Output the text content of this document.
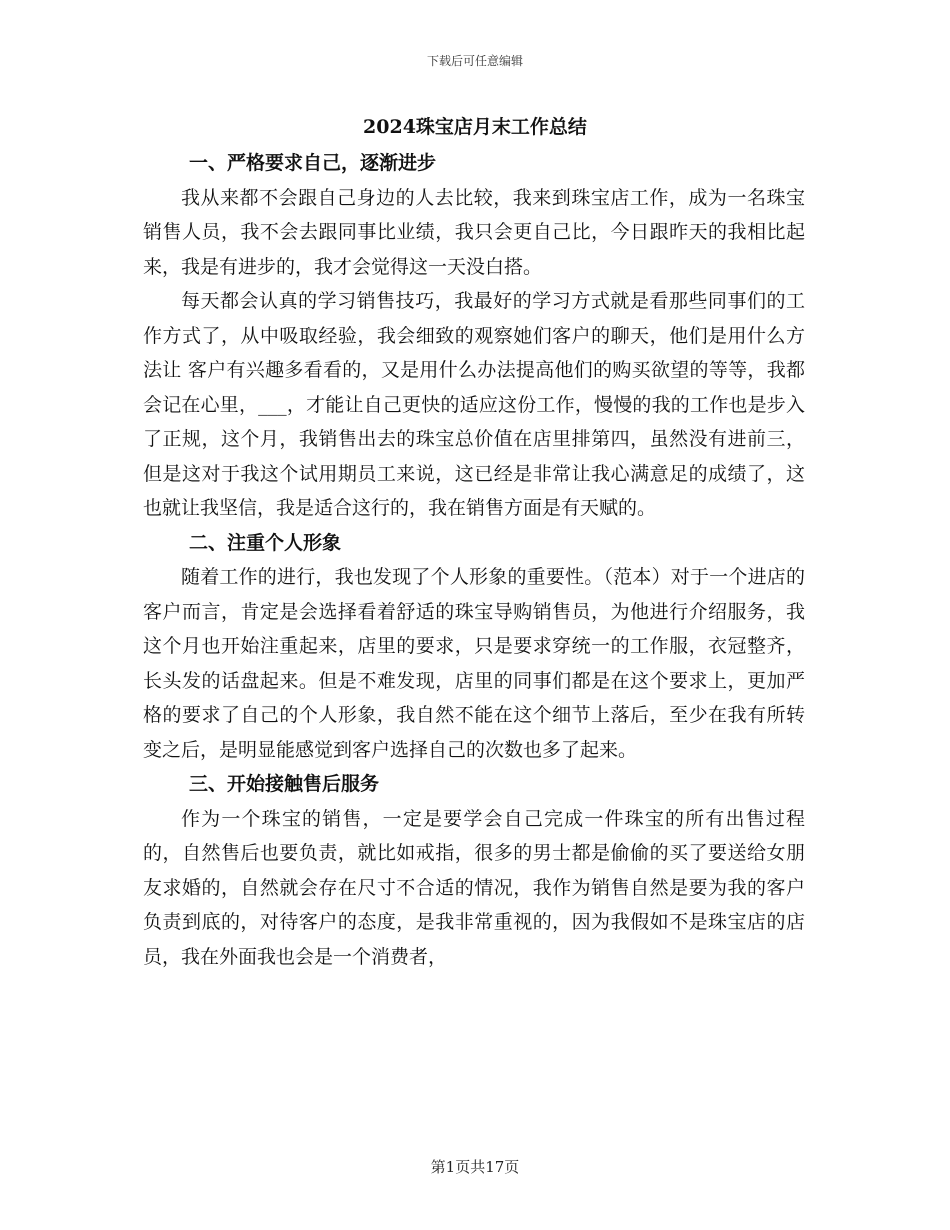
下载后可任意编辑
2024珠宝店月末工作总结

一、严格要求自己，逐渐进步

我从来都不会跟自己身边的人去比较，我来到珠宝店工作，成为一名珠宝销售人员，我不会去跟同事比业绩，我只会更自己比，今日跟昨天的我相比起来，我是有进步的，我才会觉得这一天没白搭。

每天都会认真的学习销售技巧，我最好的学习方式就是看那些同事们的工作方式了，从中吸取经验，我会细致的观察她们客户的聊天，他们是用什么方法让 客户有兴趣多看看的，又是用什么办法提高他们的购买欲望的等等，我都会记在心里，___，才能让自己更快的适应这份工作，慢慢的我的工作也是步入了正规，这个月，我销售出去的珠宝总价值在店里排第四，虽然没有进前三，但是这对于我这个试用期员工来说，这已经是非常让我心满意足的成绩了，这也就让我坚信，我是适合这行的，我在销售方面是有天赋的。

二、注重个人形象

随着工作的进行，我也发现了个人形象的重要性。（范本）对于一个进店的客户而言，肯定是会选择看着舒适的珠宝导购销售员，为他进行介绍服务，我这个月也开始注重起来，店里的要求，只是要求穿统一的工作服，衣冠整齐，长头发的话盘起来。但是不难发现，店里的同事们都是在这个要求上，更加严格的要求了自己的个人形象，我自然不能在这个细节上落后，至少在我有所转变之后，是明显能感觉到客户选择自己的次数也多了起来。

三、开始接触售后服务

作为一个珠宝的销售，一定是要学会自己完成一件珠宝的所有出售过程的，自然售后也要负责，就比如戒指，很多的男士都是偷偷的买了要送给女朋友求婚的，自然就会存在尺寸不合适的情况，我作为销售自然是要为我的客户负责到底的，对待客户的态度，是我非常重视的，因为我假如不是珠宝店的店员，我在外面我也会是一个消费者，

第1页共17页
